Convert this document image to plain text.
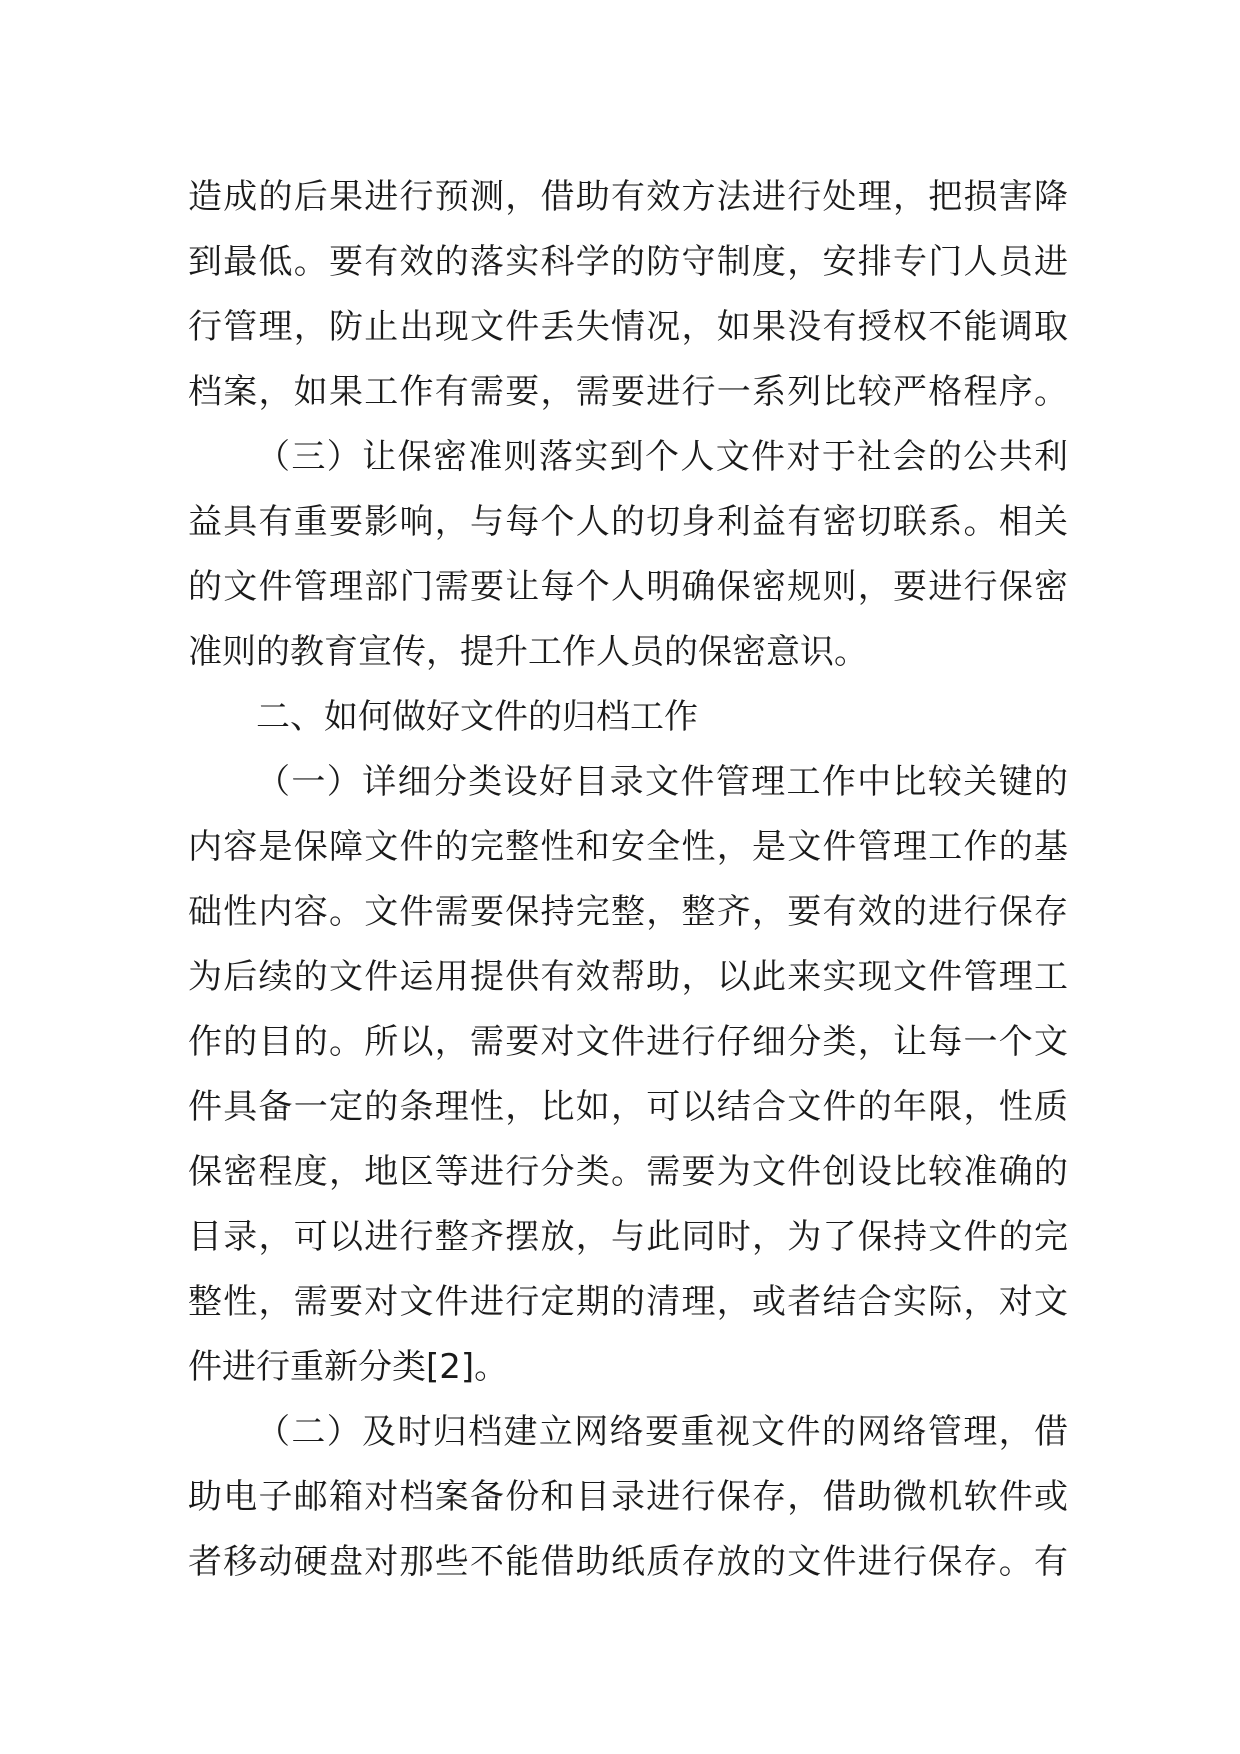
造成的后果进行预测，借助有效方法进行处理，把损害降
到最低。要有效的落实科学的防守制度，安排专门人员进
行管理，防止出现文件丢失情况，如果没有授权不能调取
档案，如果工作有需要，需要进行一系列比较严格程序。
（三）让保密准则落实到个人文件对于社会的公共利
益具有重要影响，与每个人的切身利益有密切联系。相关
的文件管理部门需要让每个人明确保密规则，要进行保密
准则的教育宣传，提升工作人员的保密意识。
二、如何做好文件的归档工作
（一）详细分类设好目录文件管理工作中比较关键的
内容是保障文件的完整性和安全性，是文件管理工作的基
础性内容。文件需要保持完整，整齐，要有效的进行保存
为后续的文件运用提供有效帮助，以此来实现文件管理工
作的目的。所以，需要对文件进行仔细分类，让每一个文
件具备一定的条理性，比如，可以结合文件的年限，性质
保密程度，地区等进行分类。需要为文件创设比较准确的
目录，可以进行整齐摆放，与此同时，为了保持文件的完
整性，需要对文件进行定期的清理，或者结合实际，对文
件进行重新分类[2]。
（二）及时归档建立网络要重视文件的网络管理，借
助电子邮箱对档案备份和目录进行保存，借助微机软件或
者移动硬盘对那些不能借助纸质存放的文件进行保存。有
